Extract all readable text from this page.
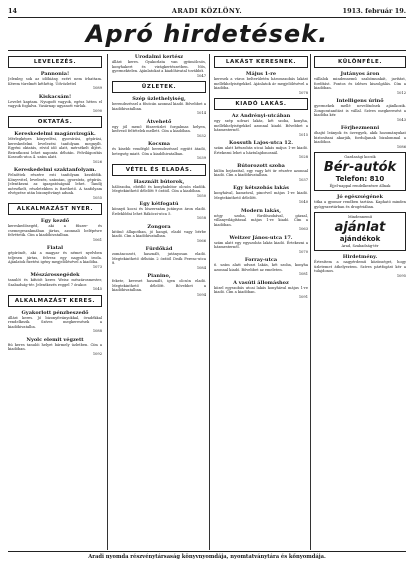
14	ARADI KÖZLÖNY.	1913. február 19.
Apró hirdetések.
LEVELEZÉS.
Pannonia!
Jelenleg sok az időhiány, ezért nem írhattam. Kérem türelmét kéthétig. Üdvözlettel
1089
Kiskacsám!
Levelet kaptam. Nyugodt vagyok, egész héten el vagyok foglalva. Vasárnap ugyanott várlak.
1090
OKTATÁS.
Kereskedelmi magánvizsgák.
Mérlegképes könyvelési, gyorsírási, gépírási, kereskedelmi levelezési tanfolyam megnyílt. Egyéni oktatás, rövid idő alatt, mérsékelt díjért. Beiratkozni lehet naponta délután. Felvilágosítás Kossuth-utca 4. szám alatt.
1026
Kereskedelmi szaktanfolyam.
Felnőttek részére esti tanfolyam kezdődik. Könyvvitel, levelezés, számtan, gyorsírás, gépírás. Jelentkezni az igazgatóságnál lehet. Tandíj mérsékelt, részletekben is fizethető. A tanfolyam elvégzése után bizonyítványt adunk.
1055
ALKALMAZÁST NYER.
Egy kezdő
kereskedősegéd, aki a fűszer- és csemegeszakmában jártas, azonnali belépésre felvétetik. Cím a kiadóhivatalban.
1061
Fiatal
gépírónőt, aki a magyar és német nyelvben teljesen jártas, felvesz egy nagyobb iroda. Ajánlatok fizetési igény megjelölésével a kiadóba.
1073
Mészárossegédek
tanulót és kifutót keres Weisz mészárosmester, Szabadság-tér. Jelentkezés reggel 7 órakor.
1045
ALKALMAZÁST KERES.
Gyakorlott pénzbeszedő
állást keres. Jó bizonyítványokkal, óvadékkal rendelkezik. Szíves megkeresések a kiadóhivatalba.
1088
Nyolc elemit végzett
fiú keres tanulói helyet bármely üzletben. Cím a kiadóban.
1092
Urodalmi kertész
állást keres. Gyakorlata van gyümölcsös, konyhakert és virágkertészetben. Nős, gyermektelen. Ajánlatokat a kiadóhivatal továbbít.
1047
ÜZLETEK.
Szép üzlethelyiség,
berendezéssel a főutcán azonnal kiadó. Bővebbet a kiadóhivatalban.
1014
Átvehető
egy jól menő fűszerüzlet forgalmas helyen, kedvező feltételek mellett. Cím a kiadóban.
1032
Kocsma
és kisebb vendéglő berendezéssel együtt átadó, betegség miatt. Cím a kiadóhivatalban.
1039
VÉTEL ÉS ELADÁS.
Használt bútorok,
hálószoba, ebédlő és konyhabútor olcsón eladók. Megtekinthető délelőtt 9 órától. Cím a kiadóban.
1050
Egy kétfogatú
könnyű kocsi és lószerszám jutányos áron eladó. Érdeklődni lehet Rákóczi-utca 5.
1058
Zongora
kitűnő állapotban, jó hangú, eladó vagy bérbe kiadó. Cím a kiadóhivatalban.
1066
Fürdőkád
zománcozott, használt, jutányosan eladó. Megtekinthető délután 2 órától Deák Ferenc-utca 8.
1084
Pianino,
fekete, keveset használt, igen olcsón eladó. Megtekinthető délelőtt. Bővebbet a kiadóhivatalban.
1094
LAKÁST KERESNEK.
Május 1-re
keresek a város belterületén háromszobás lakást mellékhelyiségekkel. Ajánlatok ár megjelölésével a kiadóba.
1078
KIADÓ LAKÁS.
Az Andrényi-utcában
egy szép udvari lakás, két szoba, konyha, mellékhelyiségekkel azonnal kiadó. Bővebbet a házmesternél.
1015
Kossuth Lajos-utca 12.
szám alatt kétszobás utcai lakás május 1-re kiadó. Értekezni lehet a háztulajdonosnál.
1028
Bútorozott szoba
külön bejárattal, egy vagy két úr részére azonnal kiadó. Cím a kiadóhivatalban.
1037
Egy kétszobás lakás
konyhával, kamrával, pincével május 1-re kiadó. Megtekinthető délelőtt.
1040
Modern lakás,
négy szoba, fürdőszobával, gázzal, villanyvilágítással május 1-re kiadó. Cím a kiadóban.
1063
Weitzer János-utca 17.
szám alatt egy egyszobás lakás kiadó. Értekezni a házmesternél.
1070
Forray-utca
6. szám alatt udvari lakás, két szoba, konyha azonnal kiadó. Bővebbet az emeleten.
1081
A vasúti állomáshoz
közel egyszobás utcai lakás konyhával május 1-re kiadó. Cím a kiadóban.
1091
KÜLÖNFÉLE.
Jutányos áron
vállalok mindennemű szabómunkát, javítást, fordítást. Pontos és ízléses kiszolgálás. Cím a kiadóban.
1012
Intelligens úrinő
gyermekek mellé nevelőnőnek ajánlkozik. Zongoratanítást is vállal. Szíves megkeresést a kiadóba kér.
1043
Férjhezmenni
óhajtó leányok és özvegyek, akik hozományukat biztosítani akarják, forduljanak bizalommal a kiadóhoz.
1086
Gazdasági kocsik
Bér-autók
Telefon: 810
Éjjel-nappal rendelkezésre állnak
Jó egészségének
titka a gyomor rendben tartása. Kapható minden gyógyszertárban és drogériában.
Mindennemű
ajánlat
ajándékok
Arad, Szabadság-tér
Hirdetmény.
Értesítem a nagyérdemű közönséget, hogy üzletemet áthelyeztem. Szíves pártfogást kér a tulajdonos.
1095
Aradi nyomda részvénytársaság könyvnyomdája, nyomtatványtára és kőnyomdája.
